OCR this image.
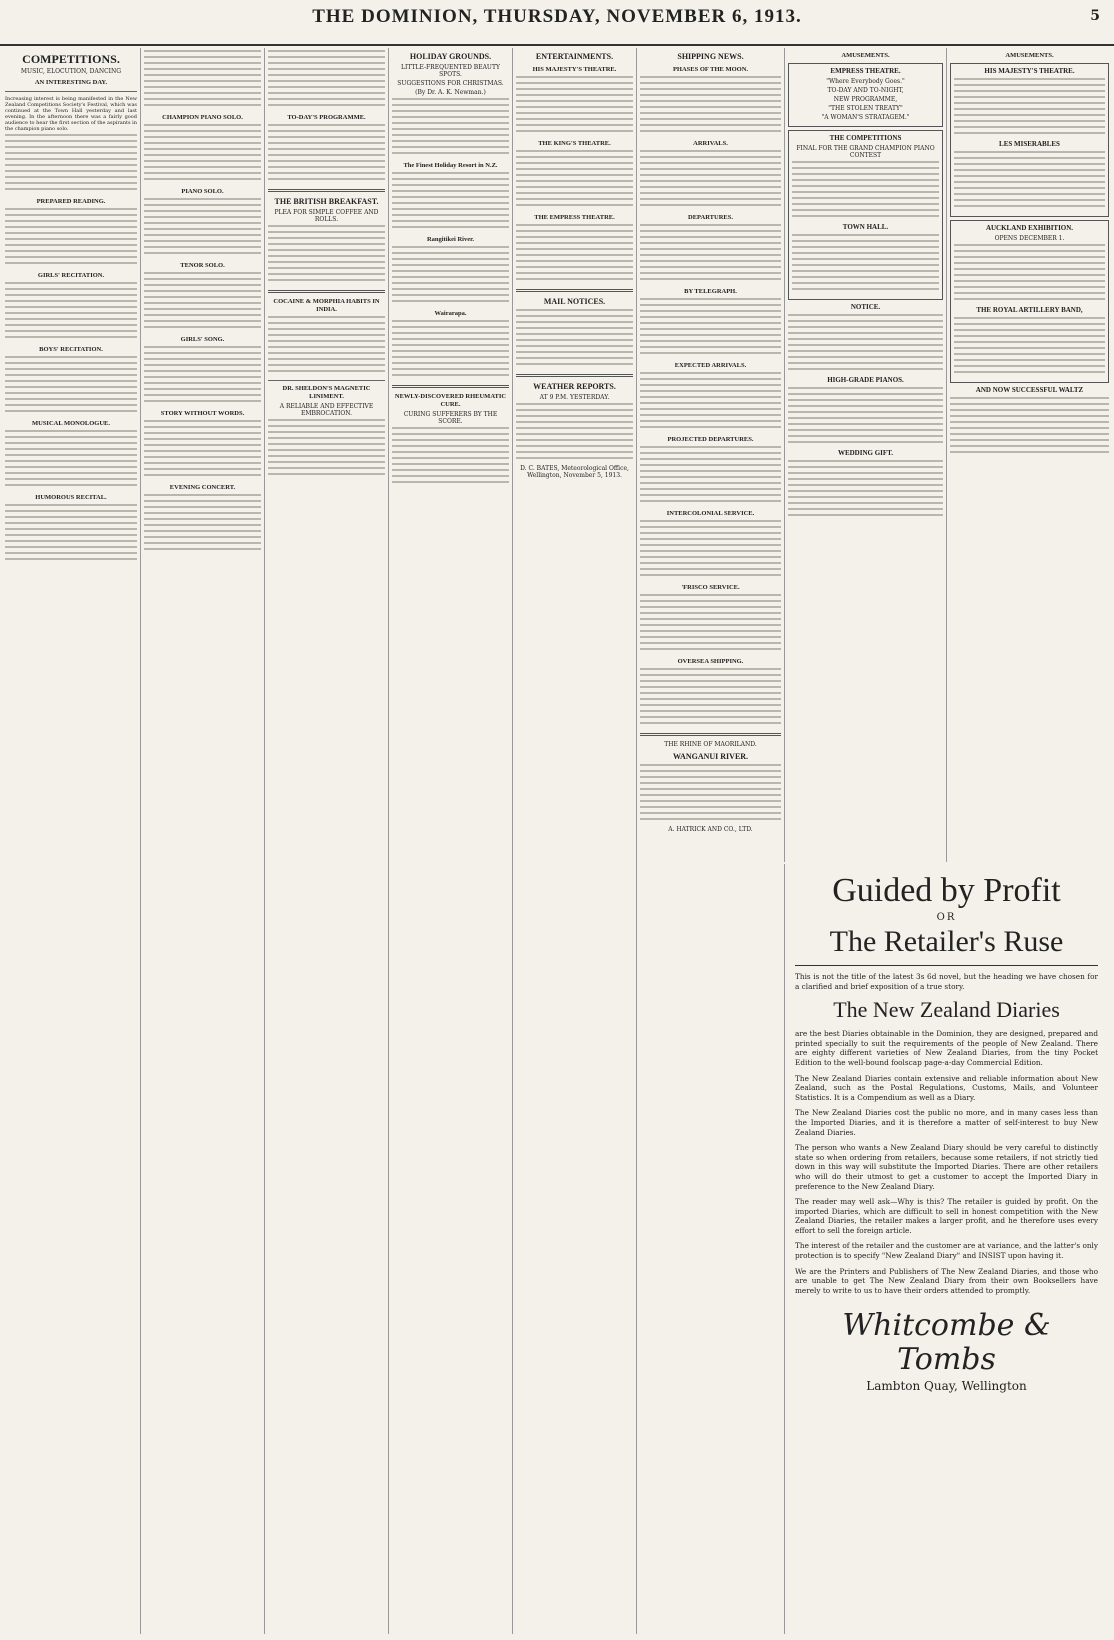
THE DOMINION, THURSDAY, NOVEMBER 6, 1913.	5
COMPETITIONS.
MUSIC, ELOCUTION, DANCING
AN INTERESTING DAY.

Increasing interest is being manifested in the New Zealand Competitions Society's Festival, which was continued at the Town Hall yesterday and last evening. In the afternoon there was a fairly good audience to hear the first section of the aspirants in the champion piano solo.

PREPARED READING.
GIRLS' RECITATION.
BOYS' RECITATION.
MUSICAL MONOLOGUE.
HUMOROUS RECITAL.
CHAMPION PIANO SOLO.
PIANO SOLO.
TENOR SOLO.
GIRLS' SONG.
STORY WITHOUT WORDS.
EVENING CONCERT.
TO-DAY'S PROGRAMME.
THE BRITISH BREAKFAST.
PLEA FOR SIMPLE COFFEE AND ROLLS.
COCAINE & MORPHIA HABITS IN INDIA.
DR. SHELDON'S MAGNETIC LINIMENT.
A RELIABLE AND EFFECTIVE EMBROCATION.
HOLIDAY GROUNDS.
LITTLE-FREQUENTED BEAUTY SPOTS.
SUGGESTIONS FOR CHRISTMAS.
(By Dr. A. K. Newman.)
The Finest Holiday Resort in N.Z.
Rangitikei River.
Wairarapa.
NEWLY-DISCOVERED RHEUMATIC CURE.
CURING SUFFERERS BY THE SCORE.
ENTERTAINMENTS.
HIS MAJESTY'S THEATRE.
THE KING'S THEATRE.
THE EMPRESS THEATRE.
MAIL NOTICES.
WEATHER REPORTS.
AT 9 P.M. YESTERDAY.
D. C. BATES, Meteorological Office, Wellington, November 5, 1913.
SHIPPING NEWS.
PHASES OF THE MOON.
ARRIVALS.
DEPARTURES.
BY TELEGRAPH.
EXPECTED ARRIVALS.
PROJECTED DEPARTURES.
INTERCOLONIAL SERVICE.
'FRISCO SERVICE.
OVERSEA SHIPPING.
THE RHINE OF MAORILAND.
WANGANUI RIVER.
A. HATRICK AND CO., LTD.
AMUSEMENTS.
EMPRESS THEATRE.
"Where Everybody Goes."
TO-DAY AND TO-NIGHT,
NEW PROGRAMME,
"THE STOLEN TREATY"
"A WOMAN'S STRATAGEM."
THE COMPETITIONS
FINAL FOR THE GRAND CHAMPION PIANO CONTEST
TOWN HALL.
NOTICE.
HIGH-GRADE PIANOS.
WEDDING GIFT.
AMUSEMENTS.
HIS MAJESTY'S THEATRE.
LES MISERABLES
AUCKLAND EXHIBITION.
OPENS DECEMBER 1.
THE ROYAL ARTILLERY BAND,
AND NOW SUCCESSFUL WALTZ
Guided by Profit
OR
The Retailer's Ruse
This is not the title of the latest 3s 6d novel, but the heading we have chosen for a clarified and brief exposition of a true story.
The New Zealand Diaries
are the best Diaries obtainable in the Dominion, they are designed, prepared and printed specially to suit the requirements of the people of New Zealand. There are eighty different varieties of New Zealand Diaries, from the tiny Pocket Edition to the well-bound foolscap page-a-day Commercial Edition.
The New Zealand Diaries contain extensive and reliable information about New Zealand, such as the Postal Regulations, Customs, Mails, and Volunteer Statistics. It is a Compendium as well as a Diary.
The New Zealand Diaries cost the public no more, and in many cases less than the Imported Diaries, and it is therefore a matter of self-interest to buy New Zealand Diaries.
The person who wants a New Zealand Diary should be very careful to distinctly state so when ordering from retailers, because some retailers, if not strictly tied down in this way will substitute the Imported Diaries. There are other retailers who will do their utmost to get a customer to accept the Imported Diary in preference to the New Zealand Diary.
The reader may well ask—Why is this? The retailer is guided by profit. On the imported Diaries, which are difficult to sell in honest competition with the New Zealand Diaries, the retailer makes a larger profit, and he therefore uses every effort to sell the foreign article.
The interest of the retailer and the customer are at variance, and the latter's only protection is to specify "New Zealand Diary" and INSIST upon having it.
We are the Printers and Publishers of The New Zealand Diaries, and those who are unable to get The New Zealand Diary from their own Booksellers have merely to write to us to have their orders attended to promptly.
Whitcombe & Tombs
Lambton Quay, Wellington
